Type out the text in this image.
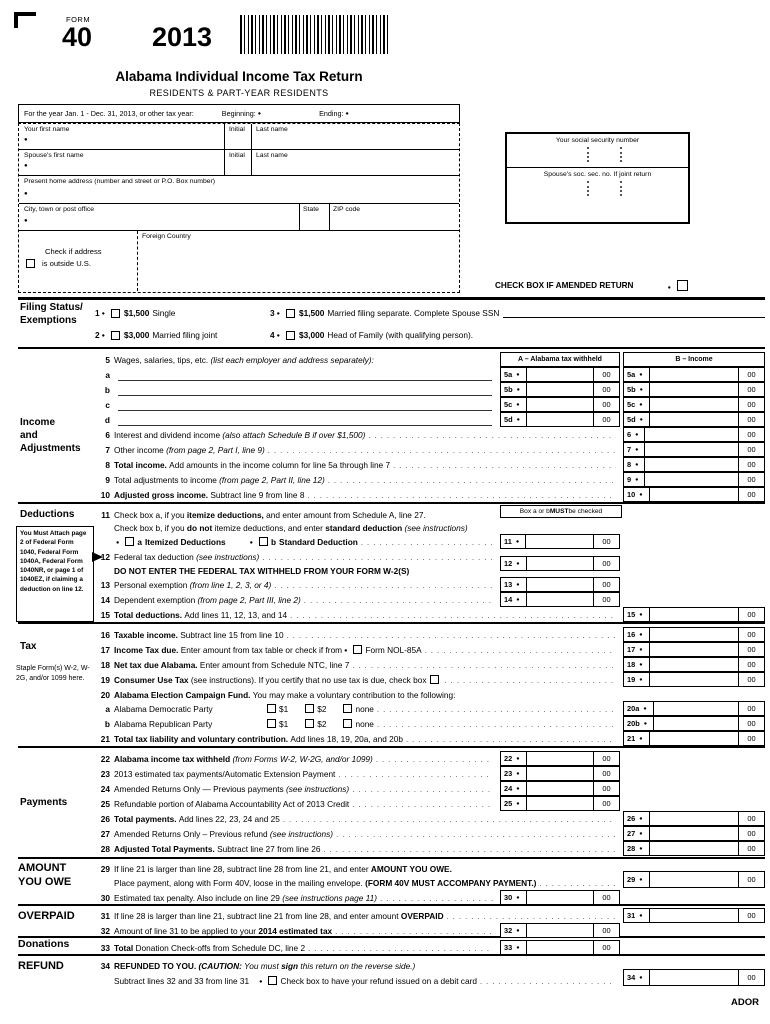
FORM
40 2013
Alabama Individual Income Tax Return
RESIDENTS & PART-YEAR RESIDENTS
For the year Jan. 1 - Dec. 31, 2013, or other tax year:	Beginning: ●	Ending:
●
Your first name	Initial Last name
●
Spouse's first name	Initial Last name
●
Present home address (number and street or P.O. Box number)
●
City, town or post office	State ZIP code
●
Check if address
is outside U.S.
Foreign Country
Your social security number
Spouse's soc. sec. no. If joint return
CHECK BOX IF AMENDED RETURN
●
Filing Status/
Exemptions
Income
and
Adjustments
Deductions
Tax
Payments
AMOUNT
YOU OWE
OVERPAID
Donations
REFUND
1 ●	$1,500 Single	3 ●	$1,500 Married filing separate. Complete Spouse SSN
2 ●	$3,000 Married filing joint	4 ●	$3,000 Head of Family (with qualifying person).
5 Wages, salaries, tips, etc. (list each employer and address separately):	A – Alabama tax withheld	B – Income
a	5a ●	00	5a ●	00
b	5b ●	00	5b ●	00
c	5c ●	00	5c ●	00
d	5d ●	00	5d ●	00
6 Interest and dividend income (also attach Schedule B if over $1,500) . . .	6 ●	00
7 Other income (from page 2, Part I, line 9) . . .	7 ●	00
8 Total income. Add amounts in the income column for line 5a through line 7 . . .	8 ●	00
9 Total adjustments to income (from page 2, Part II, line 12) . . .	9 ●	00
10 Adjusted gross income. Subtract line 9 from line 8 . . .	10 ●	00
11 Check box a, if you itemize deductions, and enter amount from Schedule A, line 27.
Check box b, if you do not itemize deductions, and enter standard deduction (see instructions)
●
a Itemized Deductions ●	b Standard Deduction . . .	11 ●	00
12 Federal tax deduction (see instructions)
. . .
12 ●	00
DO NOT ENTER THE FEDERAL TAX WITHHELD FROM YOUR FORM W-2(S)
13 Personal exemption (from line 1, 2, 3, or 4) . . .	13 ●	00
14 Dependent exemption (from page 2, Part III, line 2) . . .	14 ●	00
15 Total deductions. Add lines 11, 12, 13, and 14 . . .	15 ●	00
16 Taxable income. Subtract line 15 from line 10 . . .	16 ●	00
17 Income Tax due. Enter amount from tax table or check if from ●	Form NOL-85A . . .	17 ●	00
18 Net tax due Alabama. Enter amount from Schedule NTC, line 7 . . .	18 ●	00
19 Consumer Use Tax (see instructions). If you certify that no use tax is due, check box . . .	19 ●	00
20 Alabama Election Campaign Fund. You may make a voluntary contribution to the following:
a Alabama Democratic Party	$1	$2	none . . .	20a ●	00
b Alabama Republican Party	$1	$2	none . . .	20b ●	00
21 Total tax liability and voluntary contribution. Add lines 18, 19, 20a, and 20b . . .	21 ●	00
22 Alabama income tax withheld (from Forms W-2, W-2G, and/or 1099) . . .	22 ●	00
23 2013 estimated tax payments/Automatic Extension Payment . . .	23 ●	00
24 Amended Returns Only — Previous payments (see instructions) . . .	24 ●	00
25 Refundable portion of Alabama Accountability Act of 2013 Credit . . .	25 ●	00
26 Total payments. Add lines 22, 23, 24 and 25 . . .	26 ●	00
27 Amended Returns Only – Previous refund (see instructions) . . .	27 ●	00
28 Adjusted Total Payments. Subtract line 27 from line 26 . . .	28 ●	00
29 If line 21 is larger than line 28, subtract line 28 from line 21, and enter AMOUNT YOU OWE.
Place payment, along with Form 40V, loose in the mailing envelope. (FORM 40V MUST ACCOMPANY PAYMENT.) . . .	29 ●	00
30 Estimated tax penalty. Also include on line 29 (see instructions page 11) . . .	30 ●	00
31 If line 28 is larger than line 21, subtract line 21 from line 28, and enter amount OVERPAID . . .	31 ●	00
32 Amount of line 31 to be applied to your 2014 estimated tax . . .	32 ●	00
33 Total Donation Check-offs from Schedule DC, line 2 . . .	33 ●	00
34 REFUNDED TO YOU. (CAUTION: You must sign this return on the reverse side.)
Subtract lines 32 and 33 from line 31 ●	Check box to have your refund issued on a debit card . . .	34 ●	00
Box a or b MUST be checked
You Must Attach page 2 of Federal Form 1040, Federal Form 1040A, Federal Form 1040NR, or page 1 of 1040EZ, if claiming a deduction on line 12.
Staple Form(s) W-2, W-2G, and/or 1099 here.
ADOR
